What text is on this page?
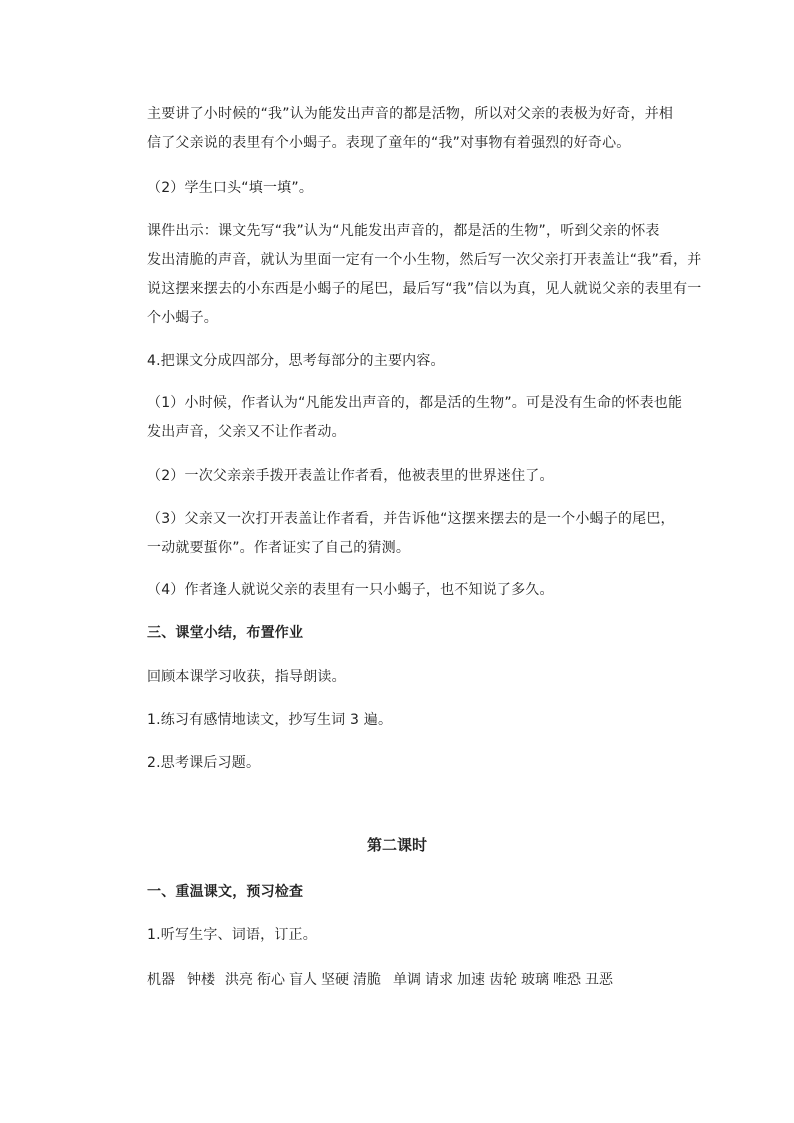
主要讲了小时候的“我”认为能发出声音的都是活物，所以对父亲的表极为好奇，并相
信了父亲说的表里有个小蝎子。表现了童年的“我”对事物有着强烈的好奇心。
（2）学生口头“填一填”。
课件出示：课文先写“我”认为“凡能发出声音的，都是活的生物”，听到父亲的怀表
发出清脆的声音，就认为里面一定有一个小生物，然后写一次父亲打开表盖让“我”看，并
说这摆来摆去的小东西是小蝎子的尾巴，最后写“我”信以为真，见人就说父亲的表里有一
个小蝎子。
4.把课文分成四部分，思考每部分的主要内容。
（1）小时候，作者认为“凡能发出声音的，都是活的生物”。可是没有生命的怀表也能
发出声音，父亲又不让作者动。
（2）一次父亲亲手拨开表盖让作者看，他被表里的世界迷住了。
（3）父亲又一次打开表盖让作者看，并告诉他“这摆来摆去的是一个小蝎子的尾巴，
一动就要蜇你”。作者证实了自己的猜测。
（4）作者逢人就说父亲的表里有一只小蝎子，也不知说了多久。
三、课堂小结，布置作业
回顾本课学习收获，指导朗读。
1.练习有感情地读文，抄写生词 3 遍。
2.思考课后习题。
第二课时
一、重温课文，预习检查
1.听写生字、词语，订正。
机器 钟楼 洪亮 衔心 盲人 坚硬 清脆 单调 请求 加速 齿轮 玻璃 唯恐 丑恶
